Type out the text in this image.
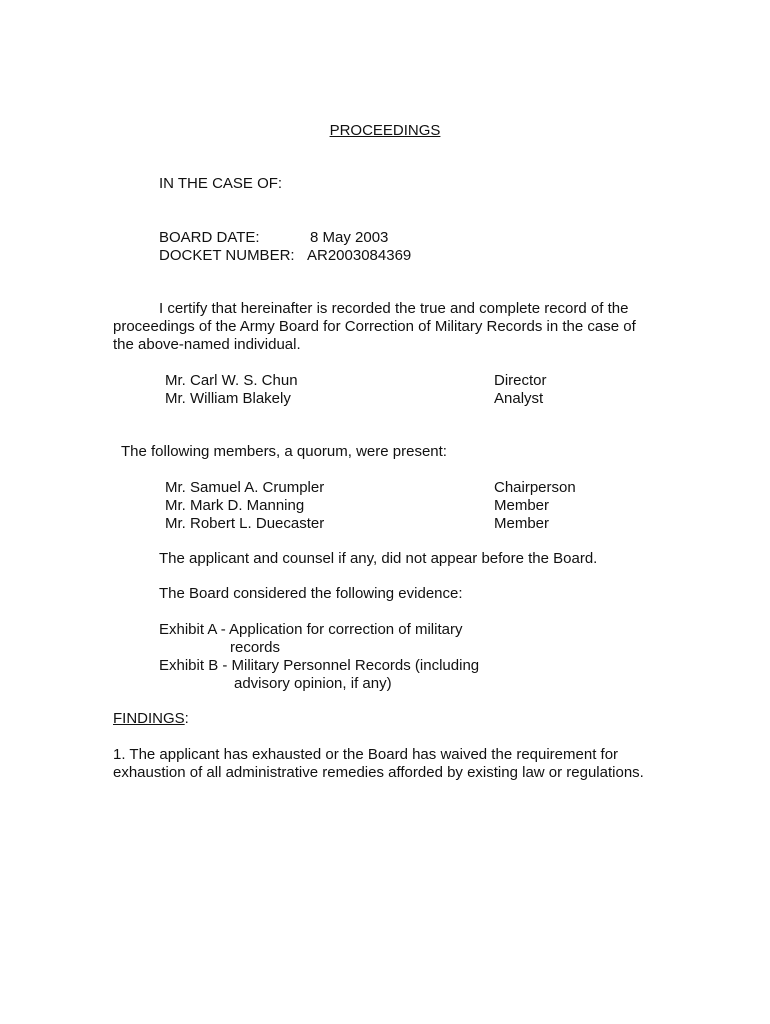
PROCEEDINGS
IN THE CASE OF:
BOARD DATE:	8 May 2003
DOCKET NUMBER: AR2003084369
I certify that hereinafter is recorded the true and complete record of the proceedings of the Army Board for Correction of Military Records in the case of the above-named individual.
Mr. Carl W. S. Chun	Director
Mr. William Blakely	Analyst
The following members, a quorum, were present:
Mr. Samuel A. Crumpler	Chairperson
Mr. Mark D. Manning	Member
Mr. Robert L. Duecaster	Member
The applicant and counsel if any, did not appear before the Board.
The Board considered the following evidence:
Exhibit A - Application for correction of military
records
Exhibit B - Military Personnel Records (including
advisory opinion, if any)
FINDINGS:
1. The applicant has exhausted or the Board has waived the requirement for exhaustion of all administrative remedies afforded by existing law or regulations.
